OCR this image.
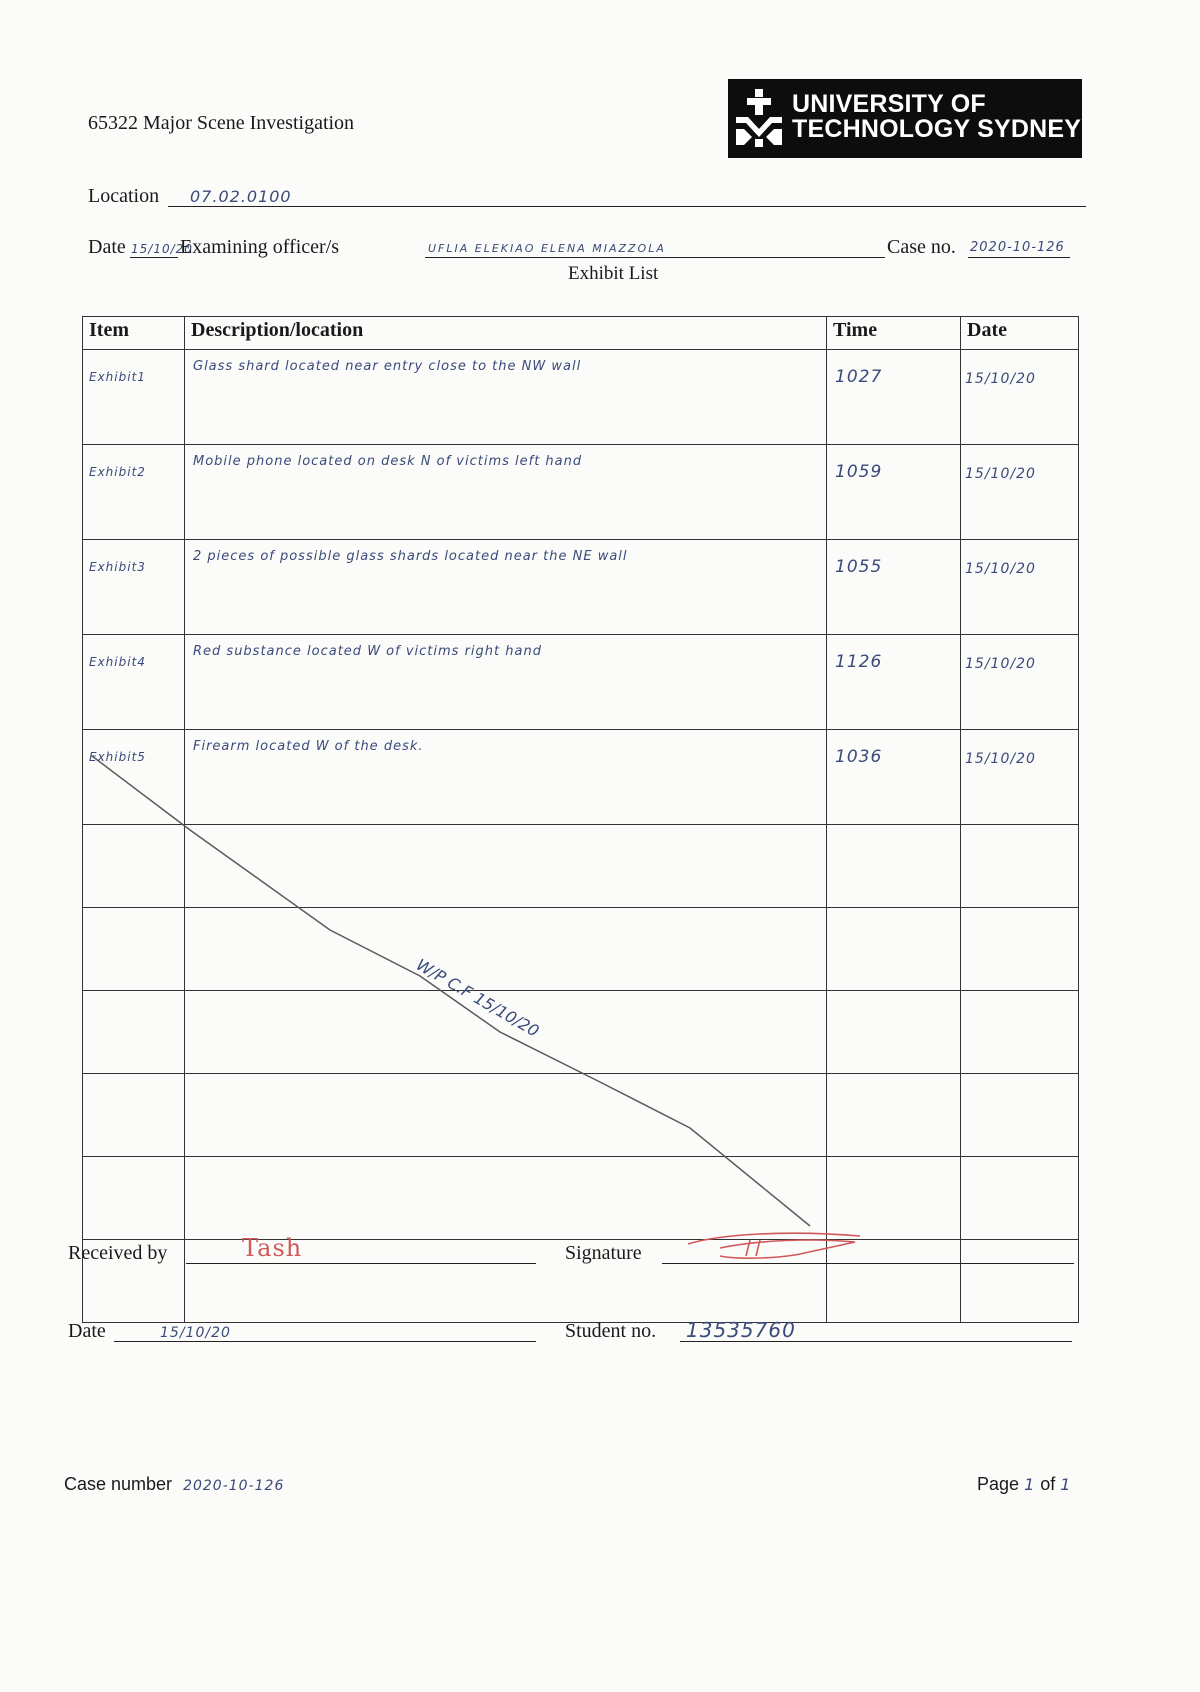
65322 Major Scene Investigation
UNIVERSITY OF
TECHNOLOGY SYDNEY
Location 07.02.0100
Date 15/10/20
Examining officer/s	UFLIA ELEKIAO ELENA MIAZZOLA	Case no. 2020-10-126
Exhibit List
Item	Description/location	Time	Date
Exhibit1	Glass shard located near entry close to the NW wall	1027	15/10/20
Exhibit2	Mobile phone located on desk N of victims left hand	1059	15/10/20
Exhibit3	2 pieces of possible glass shards located near the NE wall	1055	15/10/20
Exhibit4	Red substance located W of victims right hand	1126	15/10/20
Exhibit5	Firearm located W of the desk.	1036	15/10/20

W/P C.F 15/10/20
Received by	Tash	Signature
Date	15/10/20	Student no. 13535760
Case number 2020-10-126	Page 1 of 1
